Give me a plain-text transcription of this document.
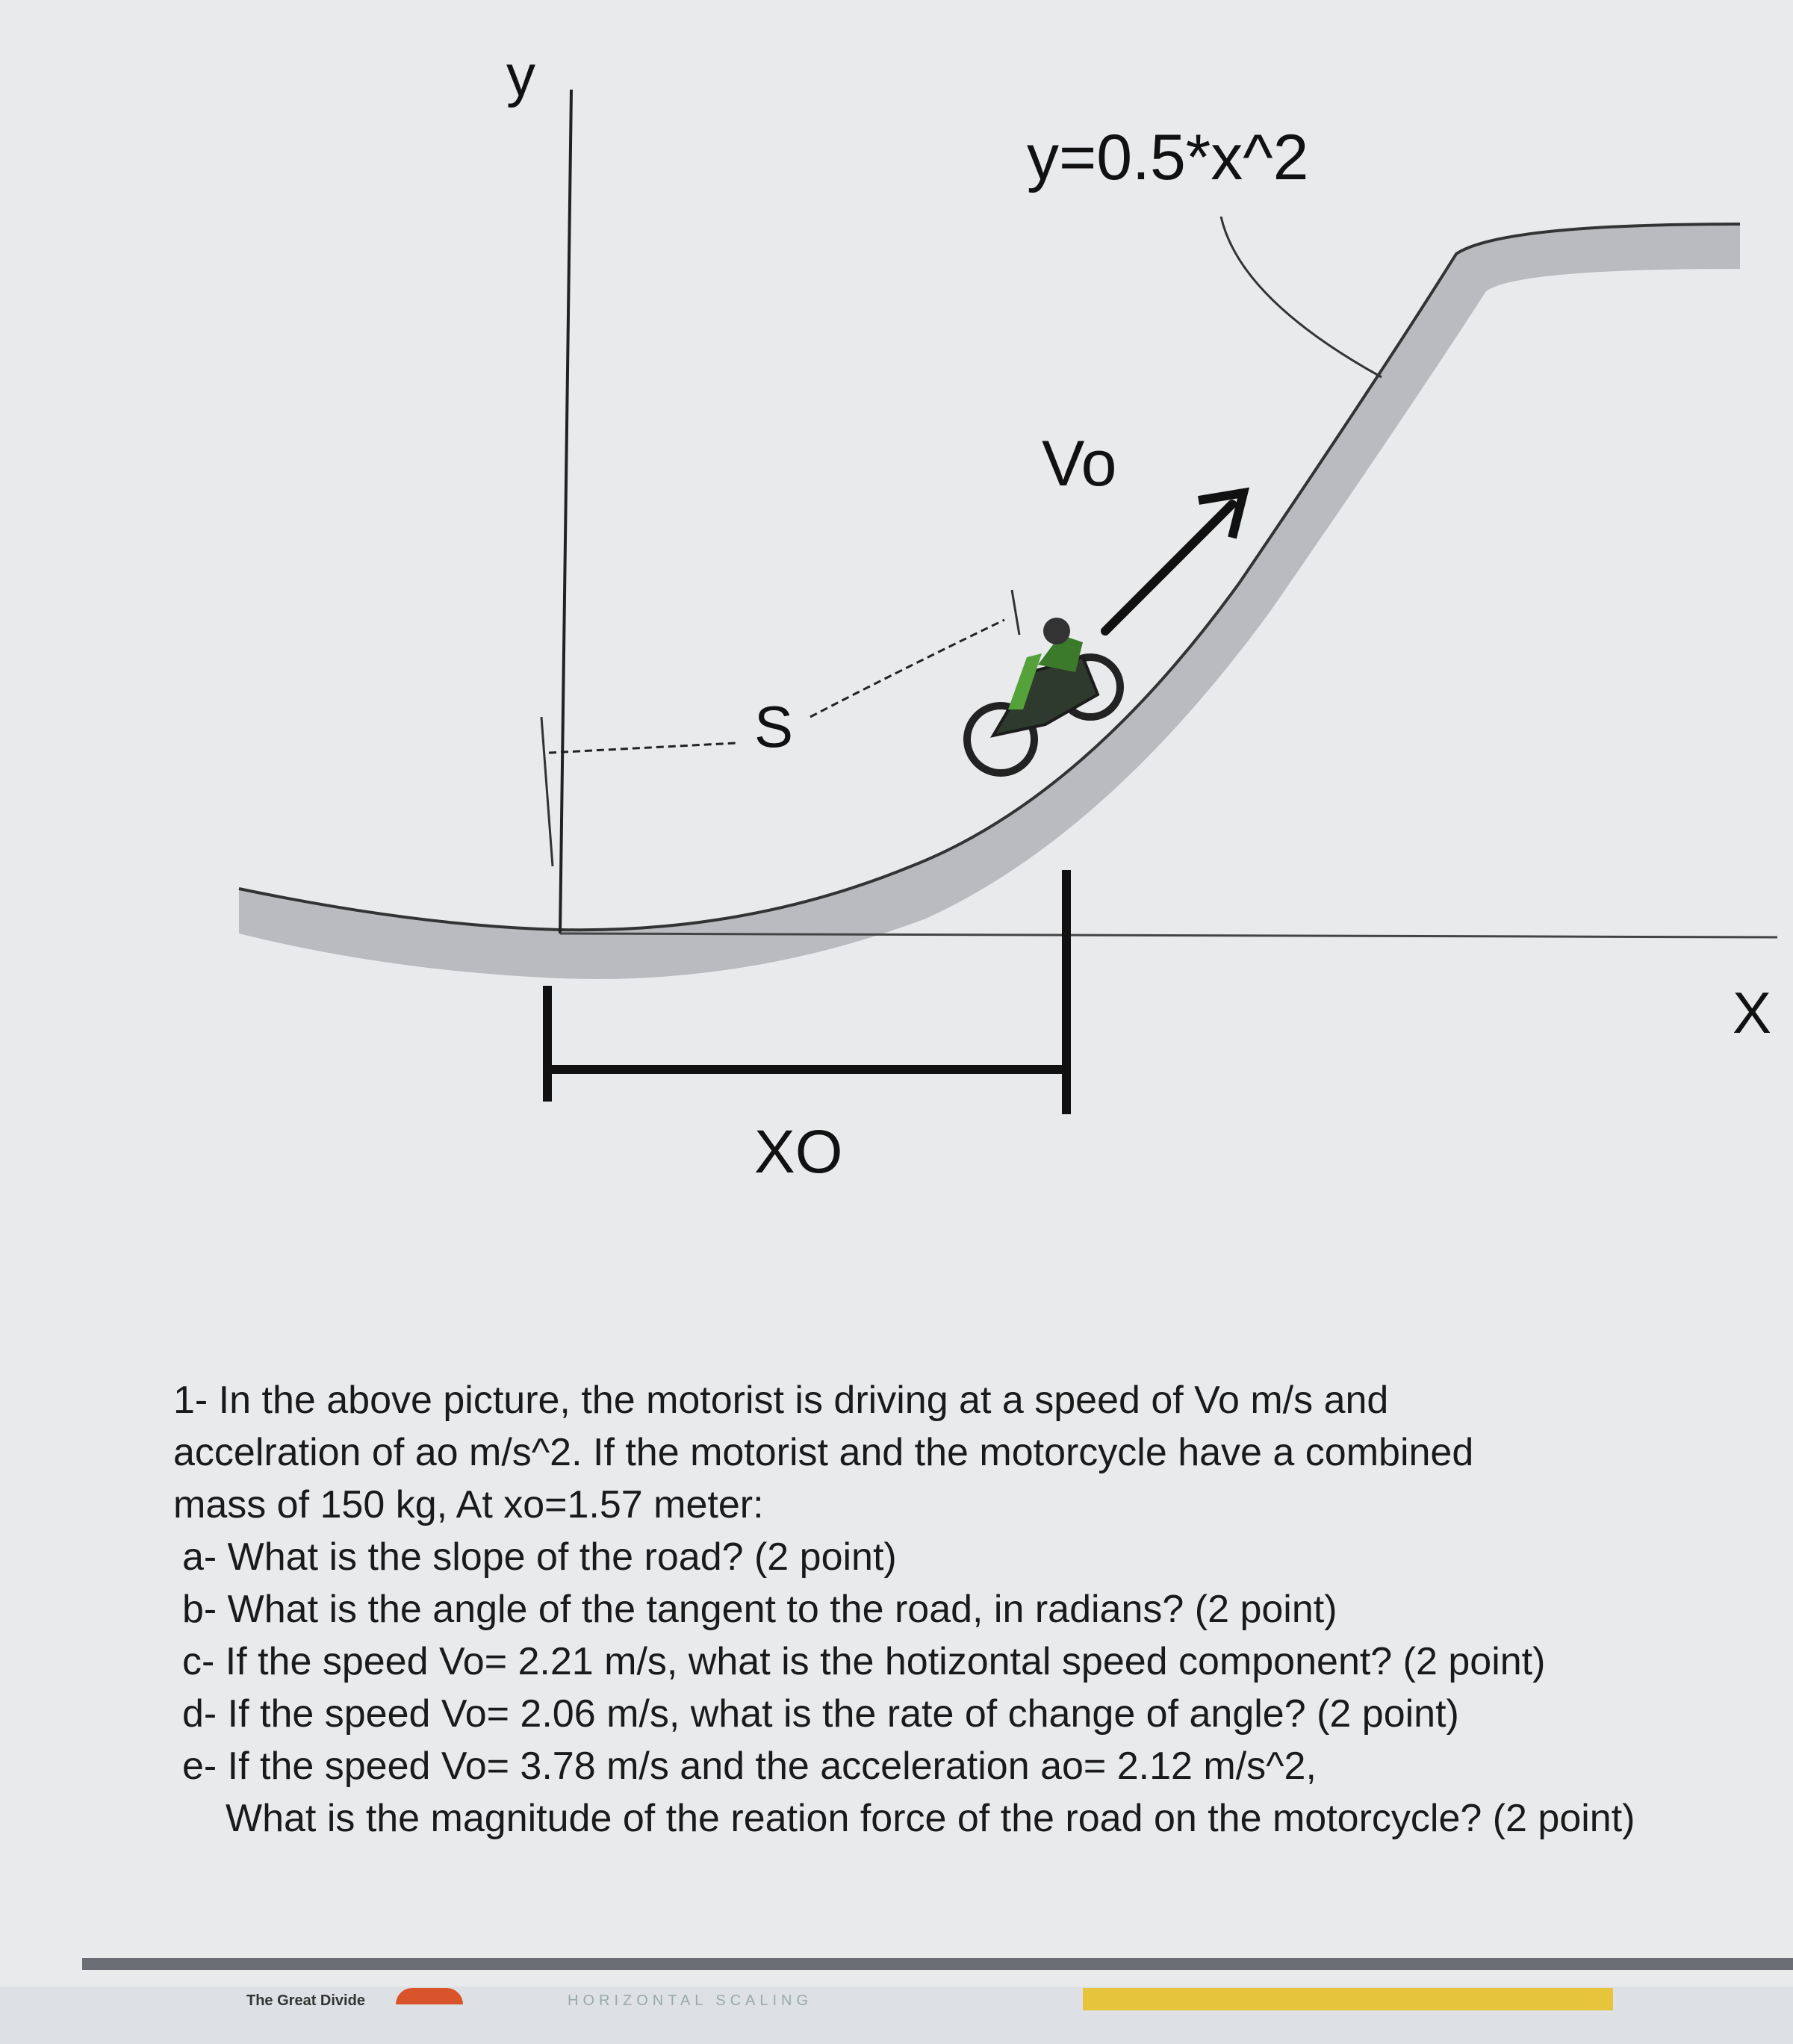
y
y=0.5*x^2
Vo
S
X
XO

1- In the above picture, the motorist is driving at a speed of Vo m/s and

accelration of ao m/s^2. If the motorist and the motorcycle have a combined

mass of 150 kg, At xo=1.57 meter:

a- What is the slope of the road? (2 point)

b- What is the angle of the tangent to the road, in radians? (2 point)

c- If the speed Vo= 2.21 m/s, what is the hotizontal speed component? (2 point)

d- If the speed Vo= 2.06 m/s, what is the rate of change of angle? (2 point)

e- If the speed Vo= 3.78 m/s and the acceleration ao= 2.12 m/s^2,

What is the magnitude of the reation force of the road on the motorcycle? (2 point)

The Great Divide	HORIZONTAL SCALING
